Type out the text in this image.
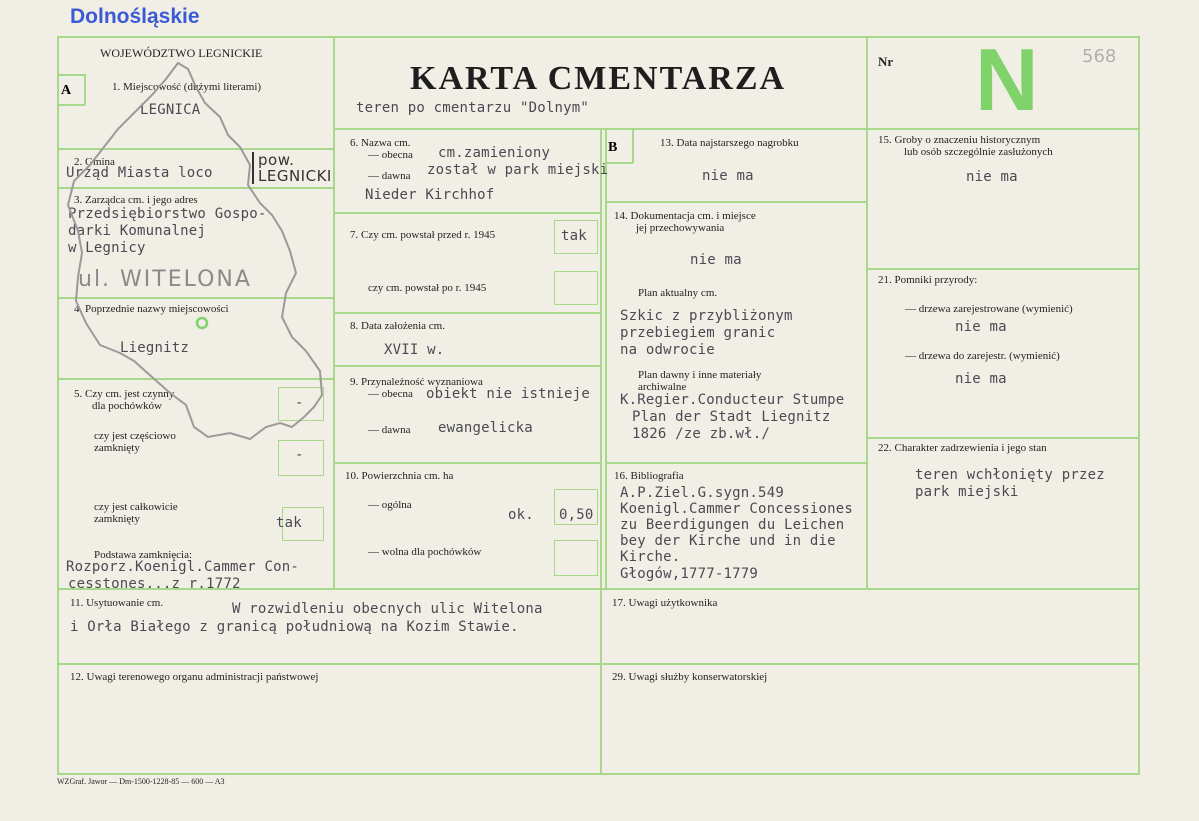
Dolnośląskie
A
B
WOJEWÓDZTWO LEGNICKIE
1. Miejscowość (dużymi literami)
LEGNICA
2. Gmina
Urząd Miasta loco
pow. LEGNICKI
3. Zarządca cm. i jego adres
Przedsiębiorstwo Gospo-
darki Komunalnej
w Legnicy
ul. WITELONA
4. Poprzednie nazwy miejscowości
Liegnitz
5. Czy cm. jest czynny
dla pochówków	-
czy jest częściowo
zamknięty	-
czy jest całkowicie
zamknięty	tak
Podstawa zamknięcia:
Rozporz.Koenigl.Cammer Con-
cesstones...z r.1772
KARTA CMENTARZA
teren po cmentarzu "Dolnym"
Nr N 568
6. Nazwa cm.
— obecna cm.zamieniony
— dawna został w park miejski
Nieder Kirchhof
7. Czy cm. powstał przed r. 1945	tak
czy cm. powstał po r. 1945
8. Data założenia cm.
XVII w.
9. Przynależność wyznaniowa
— obecna obiekt nie istnieje
— dawna ewangelicka
10. Powierzchnia cm. ha
— ogólna
ok. 0,50
— wolna dla pochówków
13. Data najstarszego nagrobku
nie ma
14. Dokumentacja cm. i miejsce
jej przechowywania
nie ma
Plan aktualny cm.
Szkic z przybliżonym
przebiegiem granic
na odwrocie
Plan dawny i inne materiały
archiwalne
K.Regier.Conducteur Stumpe
Plan der Stadt Liegnitz
1826 /ze zb.wł./
16. Bibliografia
A.P.Ziel.G.sygn.549
Koenigl.Cammer Concessiones
zu Beerdigungen du Leichen
bey der Kirche und in die
Kirche.
Głogów,1777-1779
15. Groby o znaczeniu historycznym
lub osób szczególnie zasłużonych
nie ma
21. Pomniki przyrody:
— drzewa zarejestrowane (wymienić)
nie ma
— drzewa do zarejestr. (wymienić)
nie ma
22. Charakter zadrzewienia i jego stan
teren wchłonięty przez
park miejski
11. Usytuowanie cm.	W rozwidleniu obecnych ulic Witelona
i Orła Białego z granicą południową na Kozim Stawie.
17. Uwagi użytkownika
12. Uwagi terenowego organu administracji państwowej	29. Uwagi służby konserwatorskiej
WZGraf. Jawor — Dm-1500-1228-85 — 600 — A3
